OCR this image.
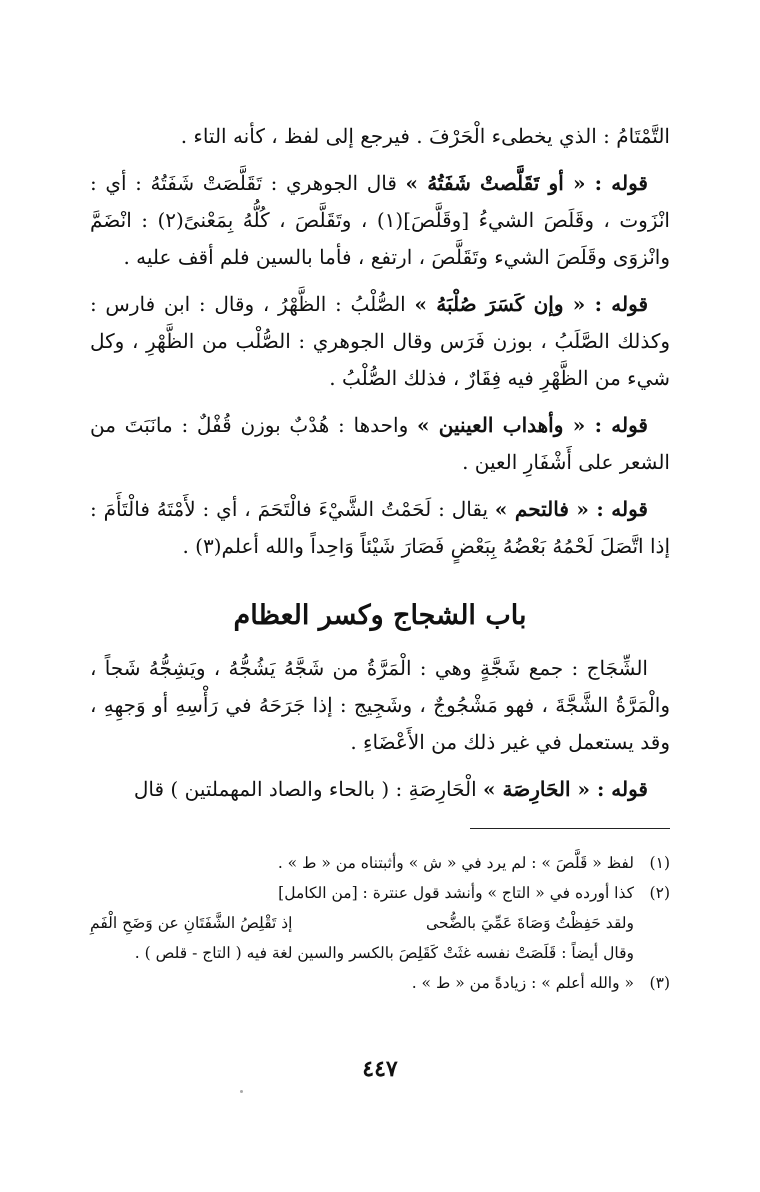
التَّمْتَامُ : الذي يخطىء الْحَرْفَ . فيرجع إلى لفظ ، كأنه التاء .

قوله : « أو تَقَلَّصتْ شَفَتُهُ » قال الجوهري : تَقَلَّصَتْ شَفَتُهُ : أي : انْزَوت ، وقَلَصَ الشيءُ [وقَلَّصَ](١) ، وتَقَلَّصَ ، كُلُّهُ بِمَعْنىً(٢) : انْضَمَّ وانْزوَى وقَلَصَ الشيء وتَقَلَّصَ ، ارتفع ، فأما بالسين فلم أقف عليه .

قوله : « وإن كَسَرَ صُلْبَهُ » الصُّلْبُ : الظَّهْرُ ، وقال : ابن فارس : وكذلك الصَّلَبُ ، بوزن فَرَس وقال الجوهري : الصُّلْب من الظَّهْرِ ، وكل شيء من الظَّهْرِ فيه فِقَارٌ ، فذلك الصُّلْبُ .

قوله : « وأهداب العينين » واحدها : هُدْبٌ بوزن قُفْلٌ : مانَبَتَ من الشعر على أَشْفَارِ العين .

قوله : « فالتحم » يقال : لَحَمْتُ الشَّيْءَ فالْتَحَمَ ، أي : لأَمْتَهُ فالْتَأَمَ : إذا اتَّصَلَ لَحْمُهُ بَعْضُهُ بِبَعْضٍ فَصَارَ شَيْئاً وَاحِداً والله أعلم(٣) .

باب الشجاج وكسر العظام

الشِّجَاج : جمع شَجَّةٍ وهي : الْمَرَّةُ من شَجَّهُ يَشُجُّهُ ، ويَشِجُّهُ شَجاً ، والْمَرَّةُ الشَّجَّةَ ، فهو مَشْجُوجٌ ، وشَجِيج : إذا جَرَحَهُ في رَأْسِهِ أو وَجهِهِ ، وقد يستعمل في غير ذلك من الأَعْضَاءِ .

قوله : « الحَارِصَة » الْحَارِصَةِ : ( بالحاء والصاد المهملتين ) قال

(١)
لفظ « قَلَّصَ » : لم يرد في « ش » وأثبتناه من « ط » .
(٢)
كذا أورده في « التاج » وأنشد قول عنترة : [من الكامل]
ولقد حَفِظْتُ وَصَاةَ عَمِّيَ بالضُّحى
إذ تَقْلِصُ الشَّفَتَانِ عن وَضَحِ الْفَمِ
وقال أيضاً : قَلَصَتْ نفسه غثَتْ كَقَلِصَ بالكسر والسين لغة فيه ( التاج - قلص ) .
(٣)
« والله أعلم » : زيادةً من « ط » .
٤٤٧
